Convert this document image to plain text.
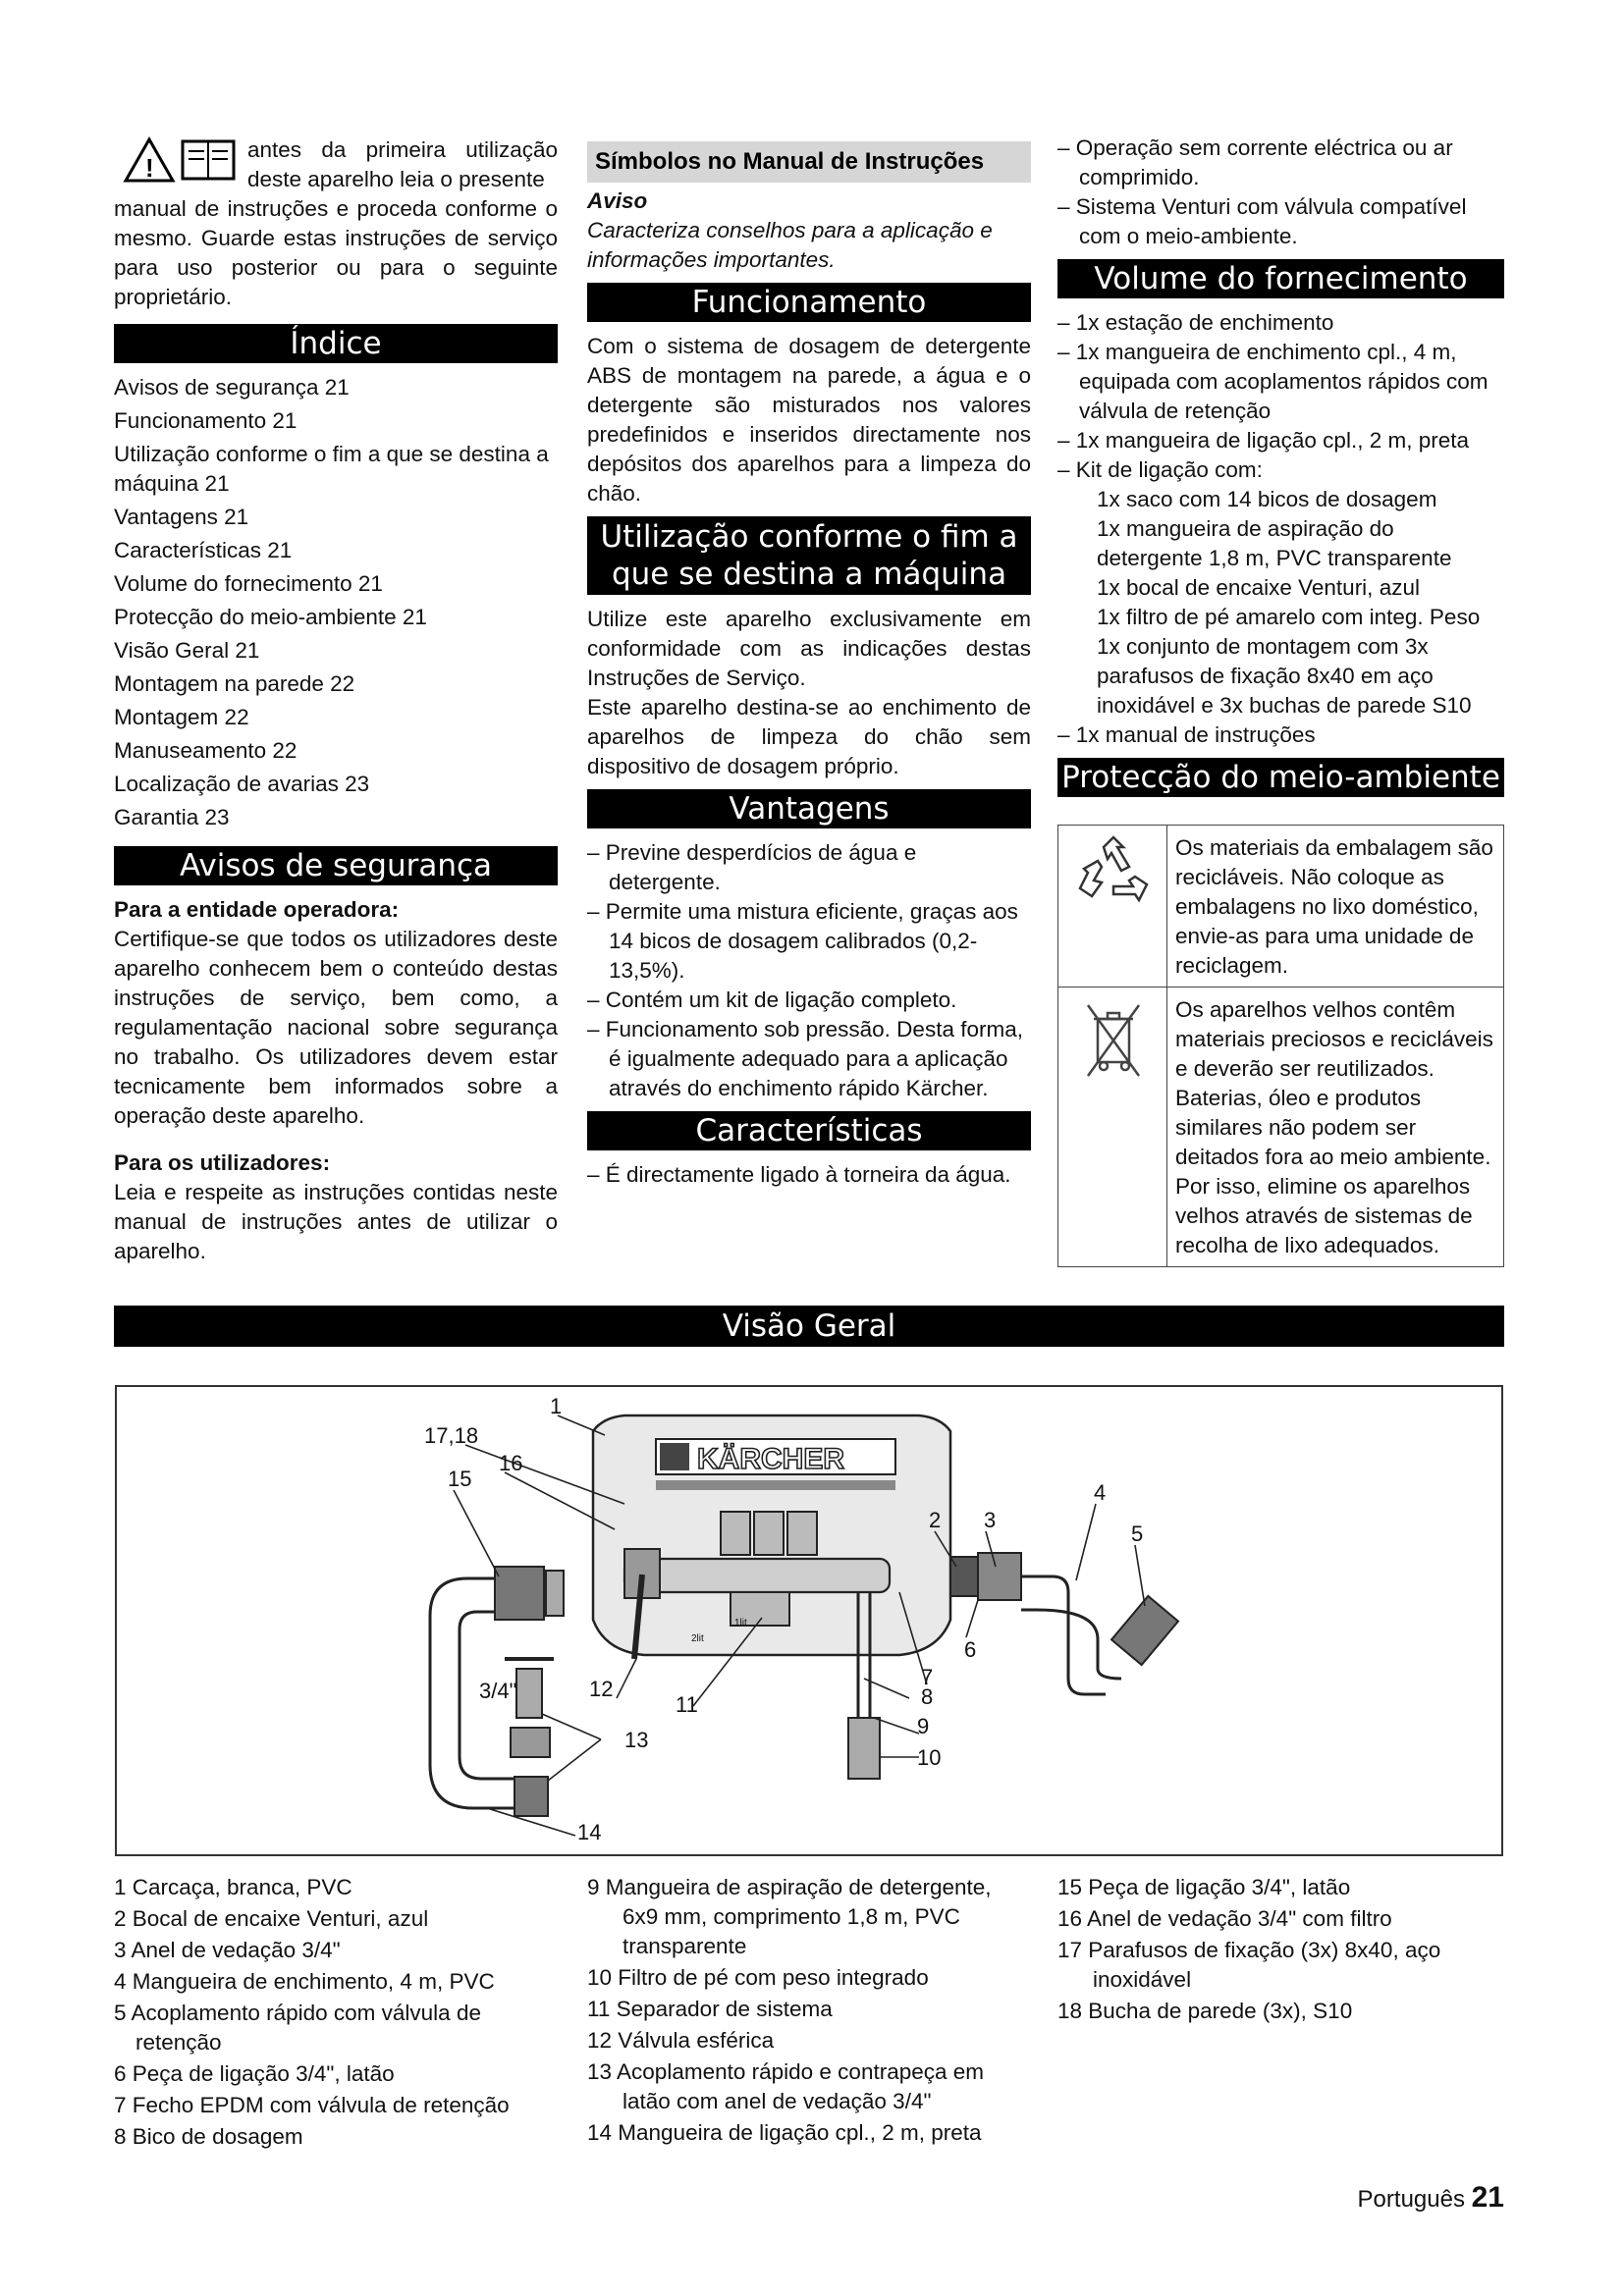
!

antes da primeira utilização deste aparelho leia o presente

manual de instruções e proceda conforme o mesmo. Guarde estas instruções de serviço para uso posterior ou para o seguinte proprietário.

Índice

Avisos de segurança 21

Funcionamento 21

Utilização conforme o fim a que se destina a máquina 21

Vantagens 21

Características 21

Volume do fornecimento 21

Protecção do meio-ambiente 21

Visão Geral 21

Montagem na parede 22

Montagem 22

Manuseamento 22

Localização de avarias 23

Garantia 23

Avisos de segurança

Para a entidade operadora:

Certifique-se que todos os utilizadores deste aparelho conhecem bem o conteúdo destas instruções de serviço, bem como, a regulamentação nacional sobre segurança no trabalho. Os utilizadores devem estar tecnicamente bem informados sobre a operação deste aparelho.

Para os utilizadores:

Leia e respeite as instruções contidas neste manual de instruções antes de utilizar o aparelho.

Símbolos no Manual de Instruções

Aviso

Caracteriza conselhos para a aplicação e informações importantes.

Funcionamento

Com o sistema de dosagem de detergente ABS de montagem na parede, a água e o detergente são misturados nos valores predefinidos e inseridos directamente nos depósitos dos aparelhos para a limpeza do chão.

Utilização conforme o fim a
que se destina a máquina

Utilize este aparelho exclusivamente em conformidade com as indicações destas Instruções de Serviço.

Este aparelho destina-se ao enchimento de aparelhos de limpeza do chão sem dispositivo de dosagem próprio.

Vantagens

– Previne desperdícios de água e detergente.

– Permite uma mistura eficiente, graças aos 14 bicos de dosagem calibrados (0,2-13,5%).

– Contém um kit de ligação completo.

– Funcionamento sob pressão. Desta forma, é igualmente adequado para a aplicação através do enchimento rápido Kärcher.

Características

– É directamente ligado à torneira da água.

– Operação sem corrente eléctrica ou ar comprimido.

– Sistema Venturi com válvula compatível com o meio-ambiente.

Volume do fornecimento

– 1x estação de enchimento

– 1x mangueira de enchimento cpl., 4 m, equipada com acoplamentos rápidos com válvula de retenção

– 1x mangueira de ligação cpl., 2 m, preta

– Kit de ligação com:

1x saco com 14 bicos de dosagem

1x mangueira de aspiração do detergente 1,8 m, PVC transparente

1x bocal de encaixe Venturi, azul

1x filtro de pé amarelo com integ. Peso

1x conjunto de montagem com 3x parafusos de fixação 8x40 em aço inoxidável e 3x buchas de parede S10

– 1x manual de instruções

Protecção do meio-ambiente
	Os materiais da embalagem são recicláveis. Não coloque as embalagens no lixo doméstico, envie-as para uma unidade de reciclagem.
	Os aparelhos velhos contêm materiais preciosos e recicláveis e deverão ser reutilizados. Baterias, óleo e produtos similares não podem ser deitados fora ao meio ambiente. Por isso, elimine os aparelhos velhos através de sistemas de recolha de lixo adequados.
Visão Geral
KÄRCHER
1
17,18
16
15
2 3
4
5
6
7
8
9
10
11
12
13
14
3/4"
1lit
2lit

1 Carcaça, branca, PVC

2 Bocal de encaixe Venturi, azul

3 Anel de vedação 3/4"

4 Mangueira de enchimento, 4 m, PVC

5 Acoplamento rápido com válvula de retenção

6 Peça de ligação 3/4", latão

7 Fecho EPDM com válvula de retenção

8 Bico de dosagem

9 Mangueira de aspiração de detergente, 6x9 mm, comprimento 1,8 m, PVC transparente

10 Filtro de pé com peso integrado

11 Separador de sistema

12 Válvula esférica

13 Acoplamento rápido e contrapeça em latão com anel de vedação 3/4"

14 Mangueira de ligação cpl., 2 m, preta

15 Peça de ligação 3/4", latão

16 Anel de vedação 3/4" com filtro

17 Parafusos de fixação (3x) 8x40, aço inoxidável

18 Bucha de parede (3x), S10

Português 21
